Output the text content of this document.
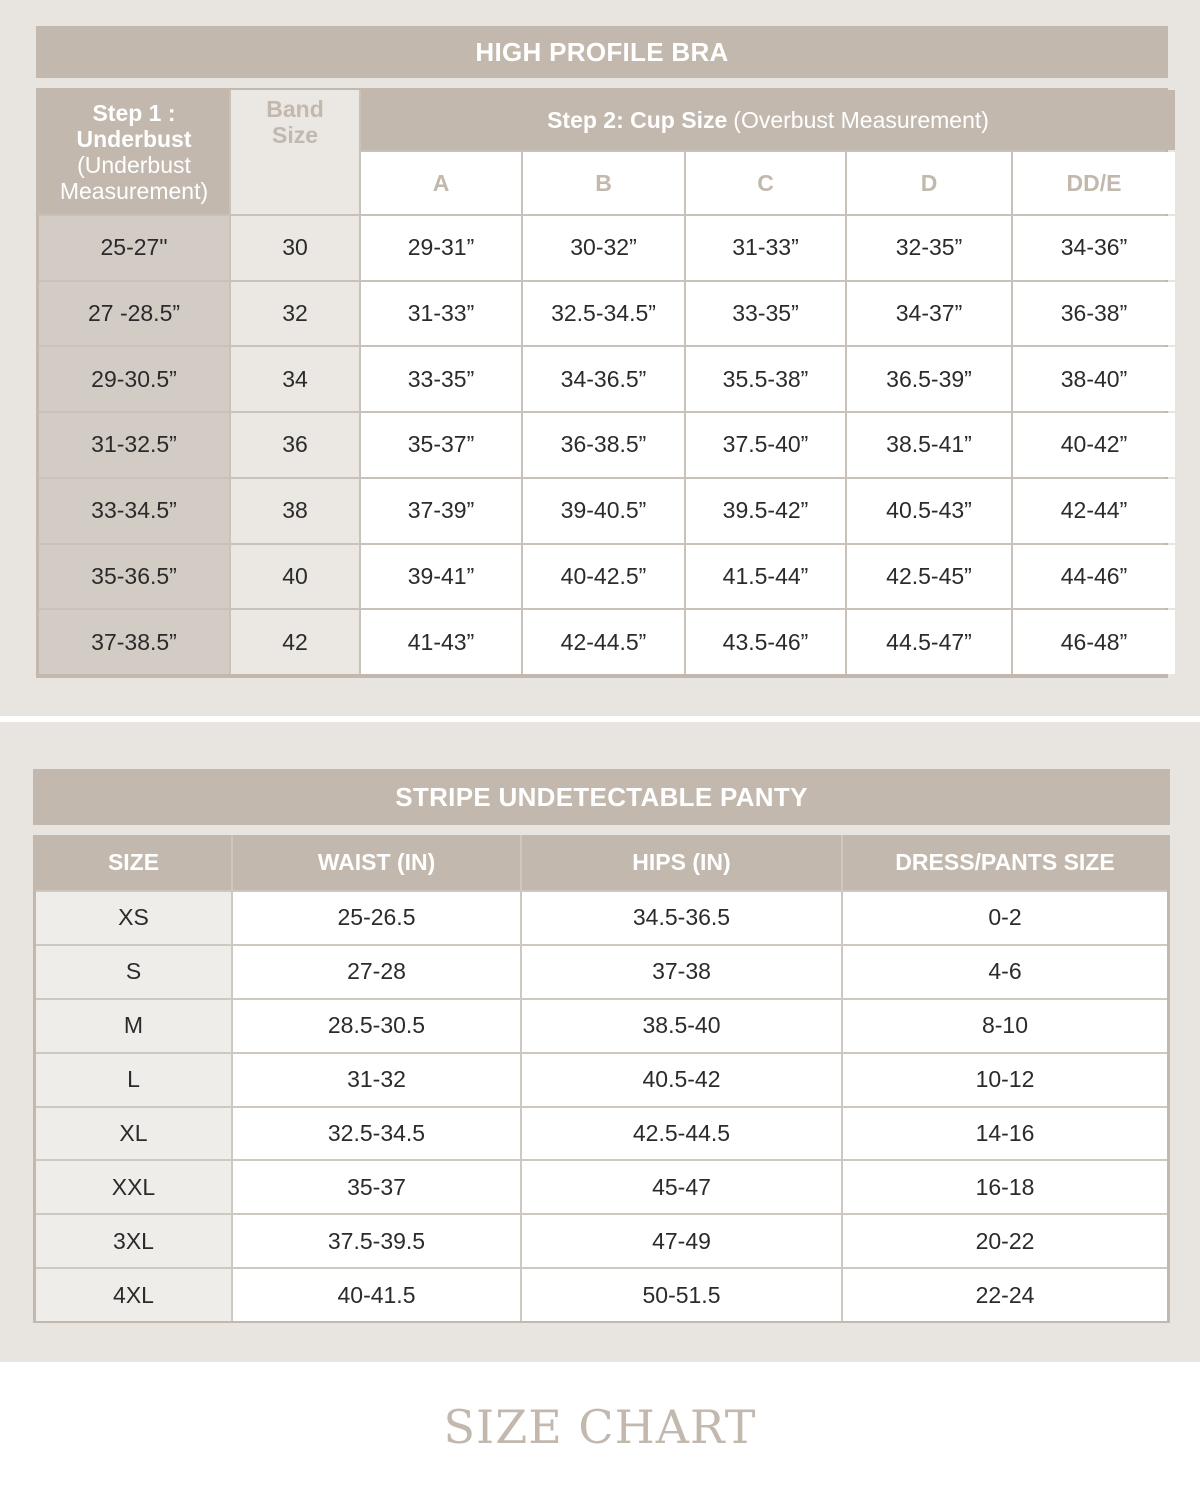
HIGH PROFILE BRA
Step 1 :
Underbust
(Underbust
Measurement)
Band
Size
Step 2: Cup Size (Overbust Measurement)
A	B	C	D	DD/E
25-27"	30	29-31”	30-32”	31-33”	32-35”	34-36”
27 -28.5”	32	31-33”	32.5-34.5”	33-35”	34-37”	36-38”
29-30.5”	34	33-35”	34-36.5”	35.5-38”	36.5-39”	38-40”
31-32.5”	36	35-37”	36-38.5”	37.5-40”	38.5-41”	40-42”
33-34.5”	38	37-39”	39-40.5”	39.5-42”	40.5-43”	42-44”
35-36.5”	40	39-41”	40-42.5”	41.5-44”	42.5-45”	44-46”
37-38.5”	42	41-43”	42-44.5”	43.5-46”	44.5-47”	46-48”
STRIPE UNDETECTABLE PANTY
SIZE	WAIST (IN)	HIPS (IN)	DRESS/PANTS SIZE
XS	25-26.5	34.5-36.5	0-2
S	27-28	37-38	4-6
M	28.5-30.5	38.5-40	8-10
L	31-32	40.5-42	10-12
XL	32.5-34.5	42.5-44.5	14-16
XXL	35-37	45-47	16-18
3XL	37.5-39.5	47-49	20-22
4XL	40-41.5	50-51.5	22-24
SIZE CHART
